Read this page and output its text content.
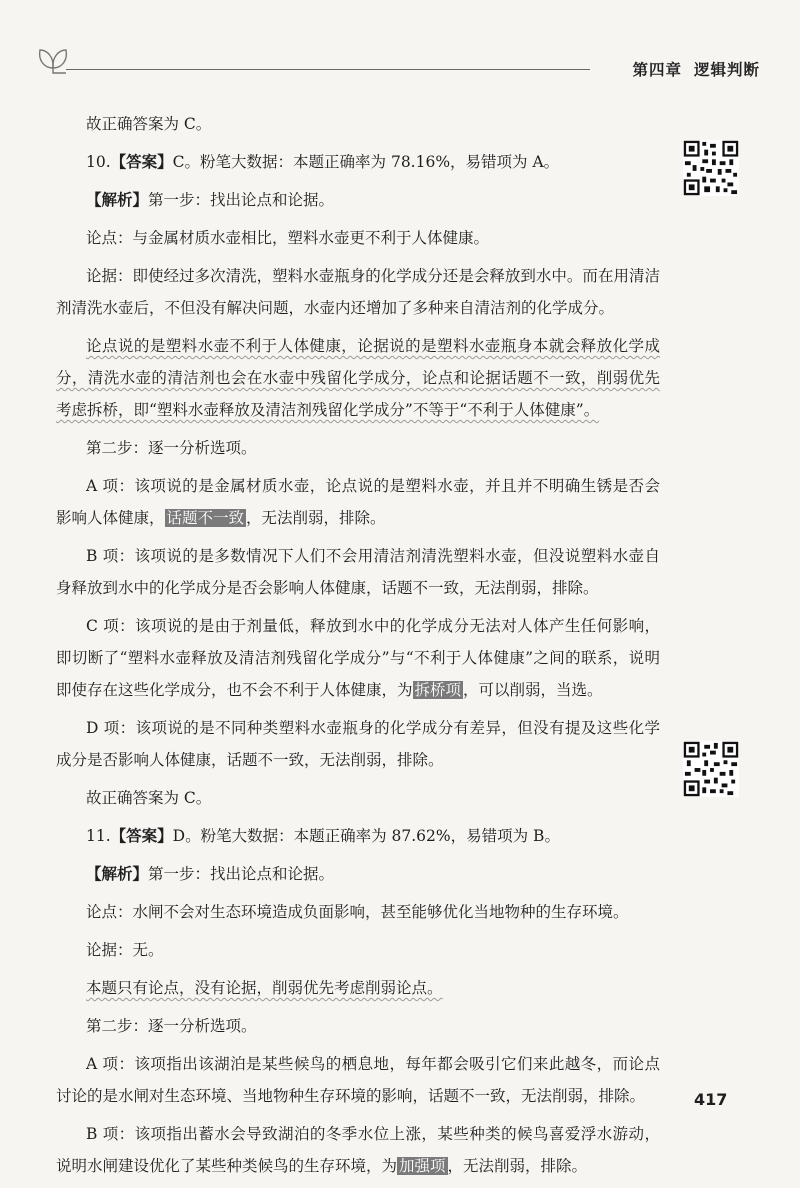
第四章 逻辑判断

故正确答案为 C。

10.【答案】C。粉笔大数据：本题正确率为 78.16%，易错项为 A。

【解析】第一步：找出论点和论据。

论点：与金属材质水壶相比，塑料水壶更不利于人体健康。

论据：即使经过多次清洗，塑料水壶瓶身的化学成分还是会释放到水中。而在用清洁剂清洗水壶后，不但没有解决问题，水壶内还增加了多种来自清洁剂的化学成分。

论点说的是塑料水壶不利于人体健康，论据说的是塑料水壶瓶身本就会释放化学成分，清洗水壶的清洁剂也会在水壶中残留化学成分，论点和论据话题不一致，削弱优先考虑拆桥，即“塑料水壶释放及清洁剂残留化学成分”不等于“不利于人体健康”。

第二步：逐一分析选项。

A 项：该项说的是金属材质水壶，论点说的是塑料水壶，并且并不明确生锈是否会影响人体健康， 话题不一致 ，无法削弱，排除。

B 项：该项说的是多数情况下人们不会用清洁剂清洗塑料水壶，但没说塑料水壶自身释放到水中的化学成分是否会影响人体健康，话题不一致，无法削弱，排除。

C 项：该项说的是由于剂量低，释放到水中的化学成分无法对人体产生任何影响，即切断了“塑料水壶释放及清洁剂残留化学成分”与“不利于人体健康”之间的联系，说明即使存在这些化学成分，也不会不利于人体健康，为 拆桥项 ，可以削弱，当选。

D 项：该项说的是不同种类塑料水壶瓶身的化学成分有差异，但没有提及这些化学成分是否影响人体健康，话题不一致，无法削弱，排除。

故正确答案为 C。

11.【答案】D。粉笔大数据：本题正确率为 87.62%，易错项为 B。

【解析】第一步：找出论点和论据。

论点：水闸不会对生态环境造成负面影响，甚至能够优化当地物种的生存环境。

论据：无。

本题只有论点，没有论据，削弱优先考虑削弱论点。

第二步：逐一分析选项。

A 项：该项指出该湖泊是某些候鸟的栖息地，每年都会吸引它们来此越冬，而论点讨论的是水闸对生态环境、当地物种生存环境的影响，话题不一致，无法削弱，排除。

B 项：该项指出蓄水会导致湖泊的冬季水位上涨，某些种类的候鸟喜爱浮水游动，说明水闸建设优化了某些种类候鸟的生存环境，为 加强项 ，无法削弱，排除。

417
